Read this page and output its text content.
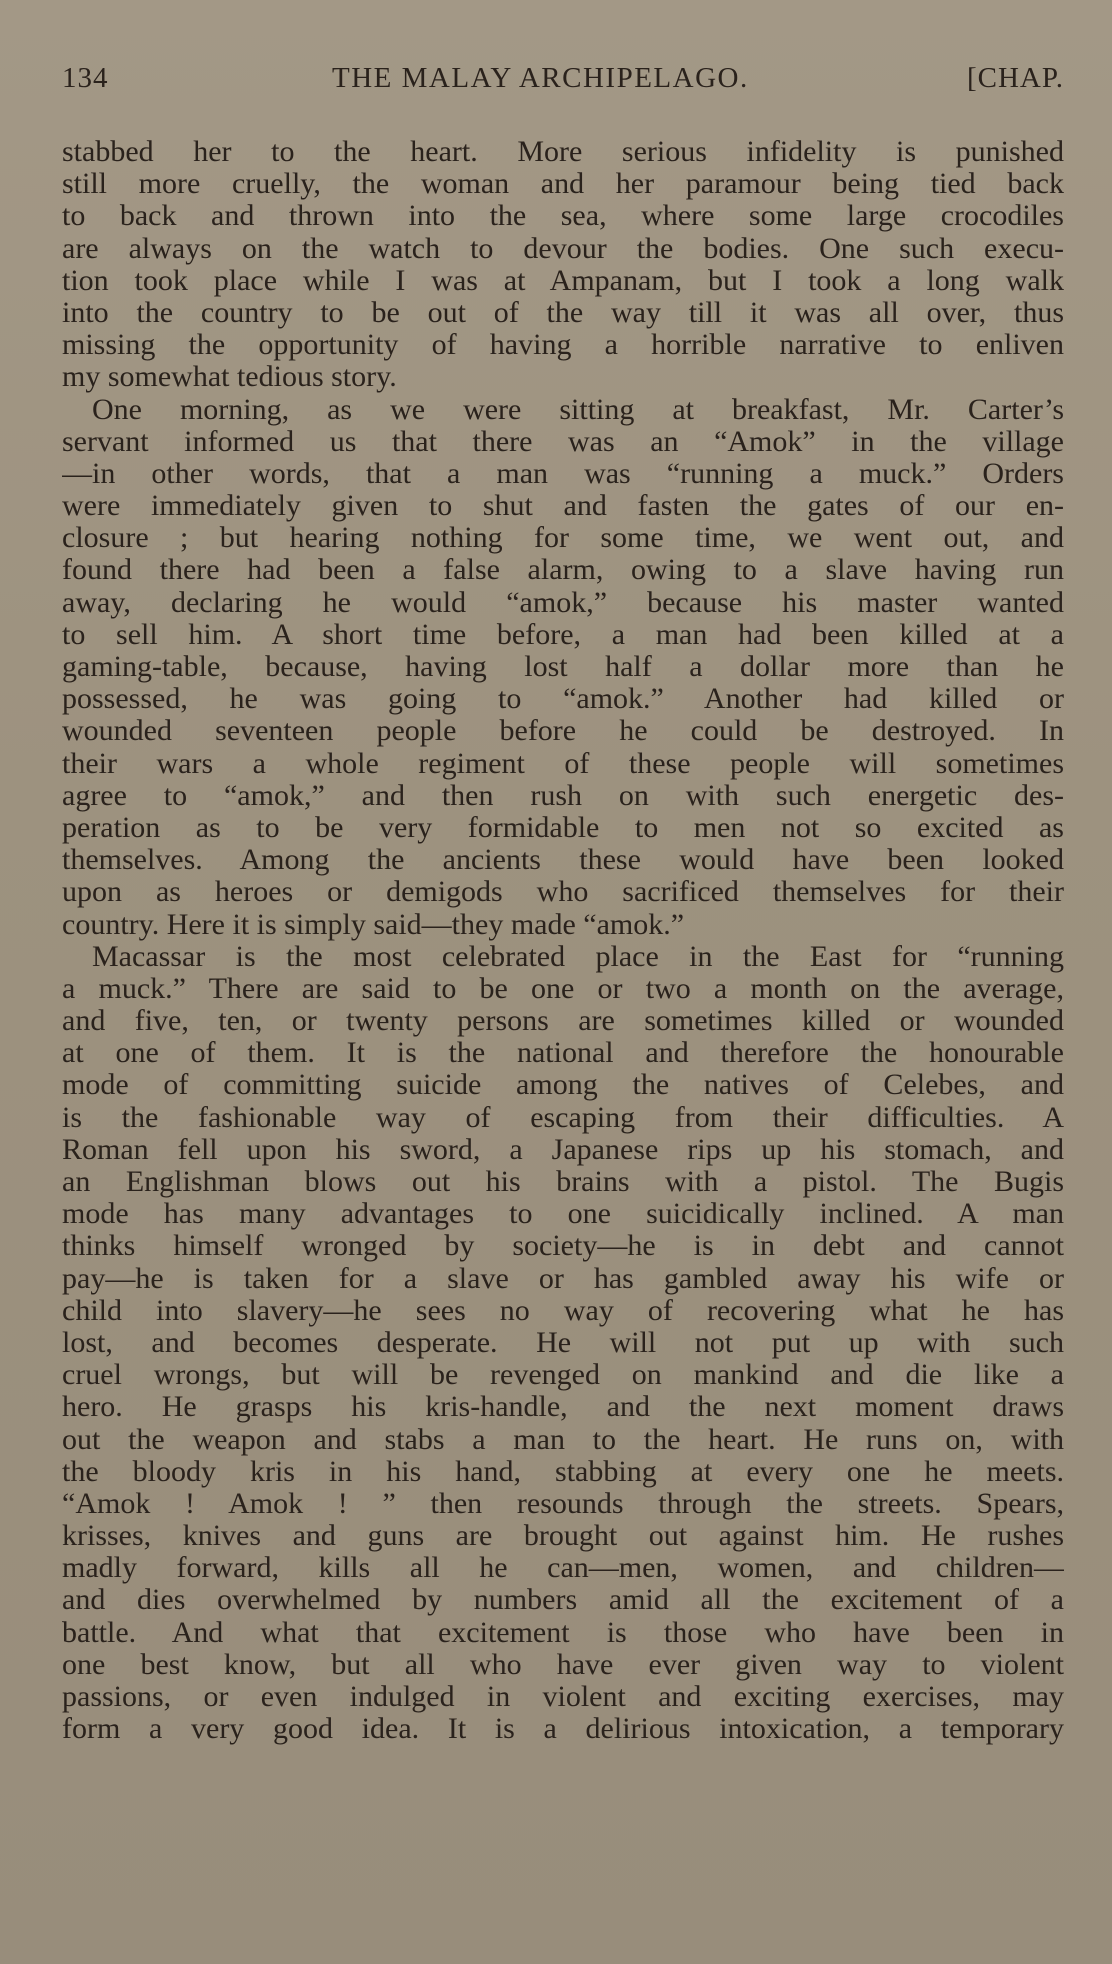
134	THE MALAY ARCHIPELAGO.	[CHAP.
stabbed her to the heart. More serious infidelity is punished
still more cruelly, the woman and her paramour being tied back
to back and thrown into the sea, where some large crocodiles
are always on the watch to devour the bodies. One such execu-
tion took place while I was at Ampanam, but I took a long walk
into the country to be out of the way till it was all over, thus
missing the opportunity of having a horrible narrative to enliven
my somewhat tedious story.
One morning, as we were sitting at breakfast, Mr. Carter’s
servant informed us that there was an “Amok” in the village
—in other words, that a man was “running a muck.” Orders
were immediately given to shut and fasten the gates of our en-
closure ; but hearing nothing for some time, we went out, and
found there had been a false alarm, owing to a slave having run
away, declaring he would “amok,” because his master wanted
to sell him. A short time before, a man had been killed at a
gaming-table, because, having lost half a dollar more than he
possessed, he was going to “amok.” Another had killed or
wounded seventeen people before he could be destroyed. In
their wars a whole regiment of these people will sometimes
agree to “amok,” and then rush on with such energetic des-
peration as to be very formidable to men not so excited as
themselves. Among the ancients these would have been looked
upon as heroes or demigods who sacrificed themselves for their
country. Here it is simply said—they made “amok.”
Macassar is the most celebrated place in the East for “running
a muck.” There are said to be one or two a month on the average,
and five, ten, or twenty persons are sometimes killed or wounded
at one of them. It is the national and therefore the honourable
mode of committing suicide among the natives of Celebes, and
is the fashionable way of escaping from their difficulties. A
Roman fell upon his sword, a Japanese rips up his stomach, and
an Englishman blows out his brains with a pistol. The Bugis
mode has many advantages to one suicidically inclined. A man
thinks himself wronged by society—he is in debt and cannot
pay—he is taken for a slave or has gambled away his wife or
child into slavery—he sees no way of recovering what he has
lost, and becomes desperate. He will not put up with such
cruel wrongs, but will be revenged on mankind and die like a
hero. He grasps his kris-handle, and the next moment draws
out the weapon and stabs a man to the heart. He runs on, with
the bloody kris in his hand, stabbing at every one he meets.
“Amok ! Amok ! ” then resounds through the streets. Spears,
krisses, knives and guns are brought out against him. He rushes
madly forward, kills all he can—men, women, and children—
and dies overwhelmed by numbers amid all the excitement of a
battle. And what that excitement is those who have been in
one best know, but all who have ever given way to violent
passions, or even indulged in violent and exciting exercises, may
form a very good idea. It is a delirious intoxication, a temporary
